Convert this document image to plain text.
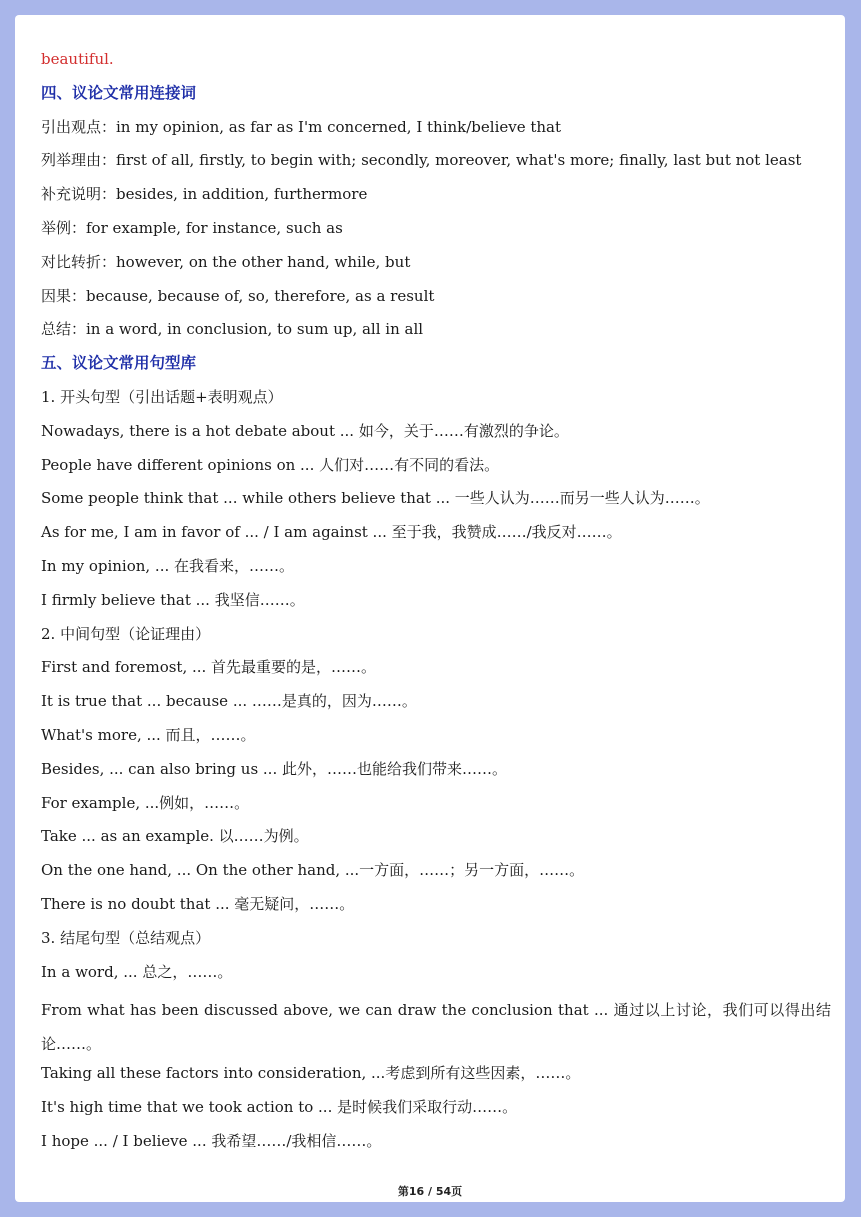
beautiful.
四、议论文常用连接词
引出观点：in my opinion, as far as I'm concerned, I think/believe that
列举理由：first of all, firstly, to begin with; secondly, moreover, what's more; finally, last but not least
补充说明：besides, in addition, furthermore
举例：for example, for instance, such as
对比转折：however, on the other hand, while, but
因果：because, because of, so, therefore, as a result
总结：in a word, in conclusion, to sum up, all in all
五、议论文常用句型库
1. 开头句型（引出话题+表明观点）
Nowadays, there is a hot debate about ... 如今，关于……有激烈的争论。
People have different opinions on ... 人们对……有不同的看法。
Some people think that ... while others believe that ... 一些人认为……而另一些人认为……。
As for me, I am in favor of ... / I am against ... 至于我，我赞成……/我反对……。
In my opinion, ... 在我看来，……。
I firmly believe that ... 我坚信……。
2. 中间句型（论证理由）
First and foremost, ... 首先最重要的是，……。
It is true that ... because ... ……是真的，因为……。
What's more, ... 而且，……。
Besides, ... can also bring us ... 此外，……也能给我们带来……。
For example, ...例如，……。
Take ... as an example. 以……为例。
On the one hand, ... On the other hand, ...一方面，……；另一方面，……。
There is no doubt that ... 毫无疑问，……。
3. 结尾句型（总结观点）
In a word, ... 总之，……。
From what has been discussed above, we can draw the conclusion that ... 通过以上讨论，我们可以得出结论……。
Taking all these factors into consideration, ...考虑到所有这些因素，……。
It's high time that we took action to ... 是时候我们采取行动……。
I hope ... / I believe ... 我希望……/我相信……。
第16 / 54页
